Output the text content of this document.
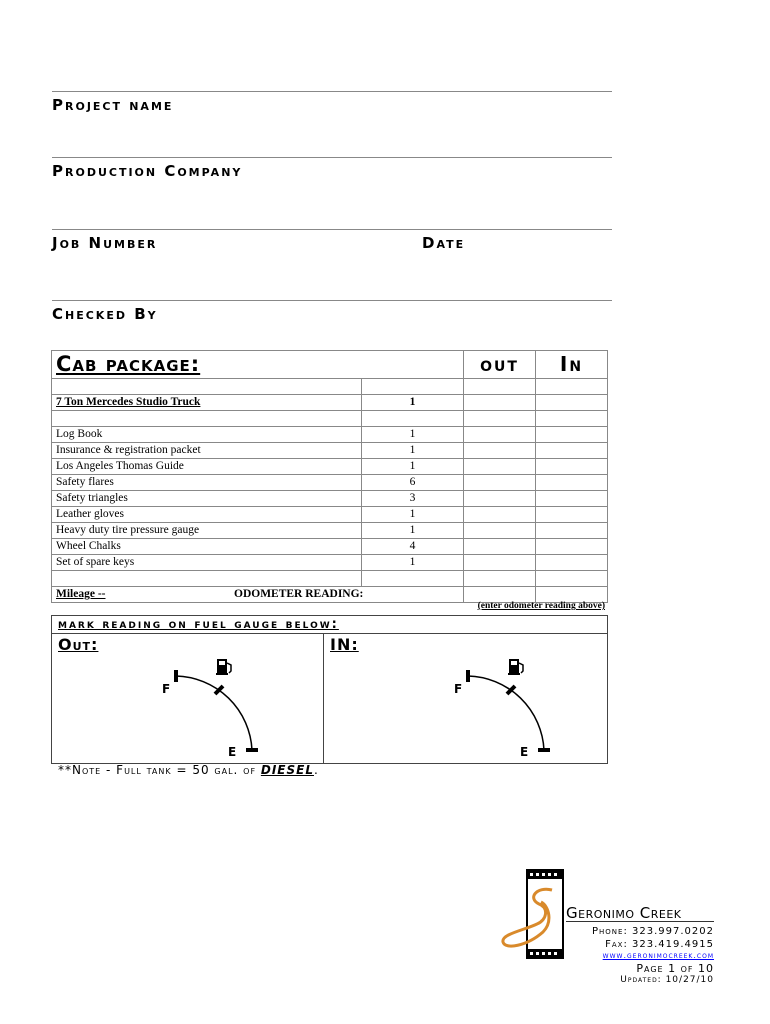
Project name
Production Company
Job Number	Date
Checked By
Cab package:		out	In

7 Ton Mercedes Studio Truck	1		

Log Book	1		
Insurance & registration packet	1		
Los Angeles Thomas Guide	1		
Safety flares	6		
Safety triangles	3		
Leather gloves	1		
Heavy duty tire pressure gauge	1		
Wheel Chalks	4		
Set of spare keys	1		

Mileage -- ODOMETER READING:			

(enter odometer reading above)
mark reading on fuel gauge below:
Out:	IN:
F
E
F
E
**Note - Full tank = 50 gal. of DIESEL.
Geronimo Creek
Phone: 323.997.0202
Fax: 323.419.4915
www.geronimocreek.com
Page 1 of 10
Updated: 10/27/10
